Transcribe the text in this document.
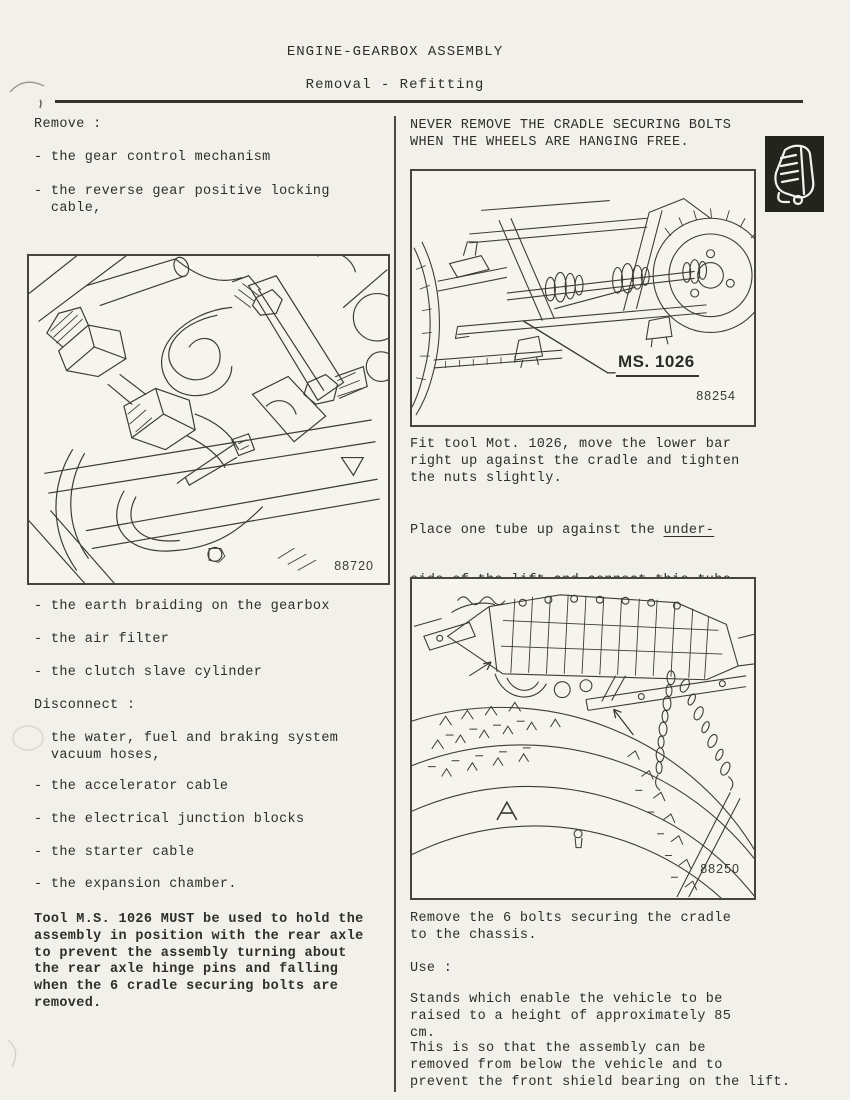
ENGINE-GEARBOX ASSEMBLY
Removal - Refitting
Remove :
- the gear control mechanism
- the reverse gear positive locking
cable,
88720
- the earth braiding on the gearbox
- the air filter
- the clutch slave cylinder
Disconnect :
the water, fuel and braking system
vacuum hoses,
- the accelerator cable
- the electrical junction blocks
- the starter cable
- the expansion chamber.
Tool M.S. 1026 MUST be used to hold the
assembly in position with the rear axle
to prevent the assembly turning about
the rear axle hinge pins and falling
when the 6 cradle securing bolts are
removed.
NEVER REMOVE THE CRADLE SECURING BOLTS
WHEN THE WHEELS ARE HANGING FREE.
MS. 1026
88254
Fit tool Mot. 1026, move the lower bar
right up against the cradle and tighten
the nuts slightly.

Place one tube up against the under-

88250
Remove the 6 bolts securing the cradle
to the chassis.
Use :
Stands which enable the vehicle to be
raised to a height of approximately 85
cm.
This is so that the assembly can be
removed from below the vehicle and to
prevent the front shield bearing on the lift.
